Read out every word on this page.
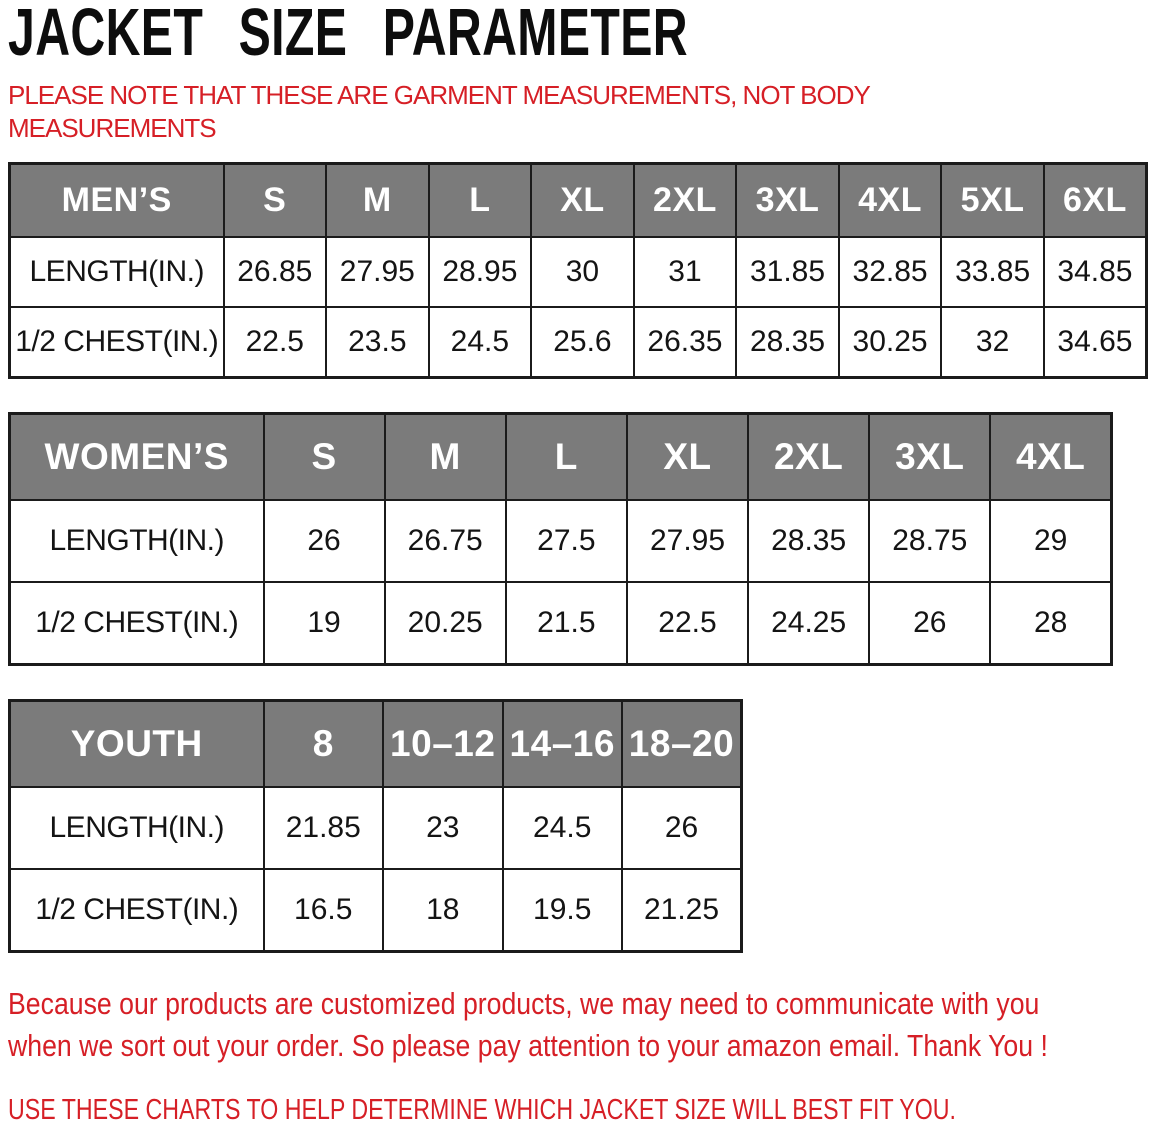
JACKET SIZE PARAMETER
PLEASE NOTE THAT THESE ARE GARMENT MEASUREMENTS, NOT BODY
MEASUREMENTS
MEN’S	S	M	L	XL	2XL	3XL	4XL	5XL	6XL
LENGTH(IN.)	26.85	27.95	28.95	30	31	31.85	32.85	33.85	34.85
1/2 CHEST(IN.)	22.5	23.5	24.5	25.6	26.35	28.35	30.25	32	34.65
WOMEN’S	S	M	L	XL	2XL	3XL	4XL
LENGTH(IN.)	26	26.75	27.5	27.95	28.35	28.75	29
1/2 CHEST(IN.)	19	20.25	21.5	22.5	24.25	26	28
YOUTH	8	10–12	14–16	18–20
LENGTH(IN.)	21.85	23	24.5	26
1/2 CHEST(IN.)	16.5	18	19.5	21.25
Because our products are customized products, we may need to communicate with you
when we sort out your order. So please pay attention to your amazon email. Thank You !
USE THESE CHARTS TO HELP DETERMINE WHICH JACKET SIZE WILL BEST FIT YOU.
